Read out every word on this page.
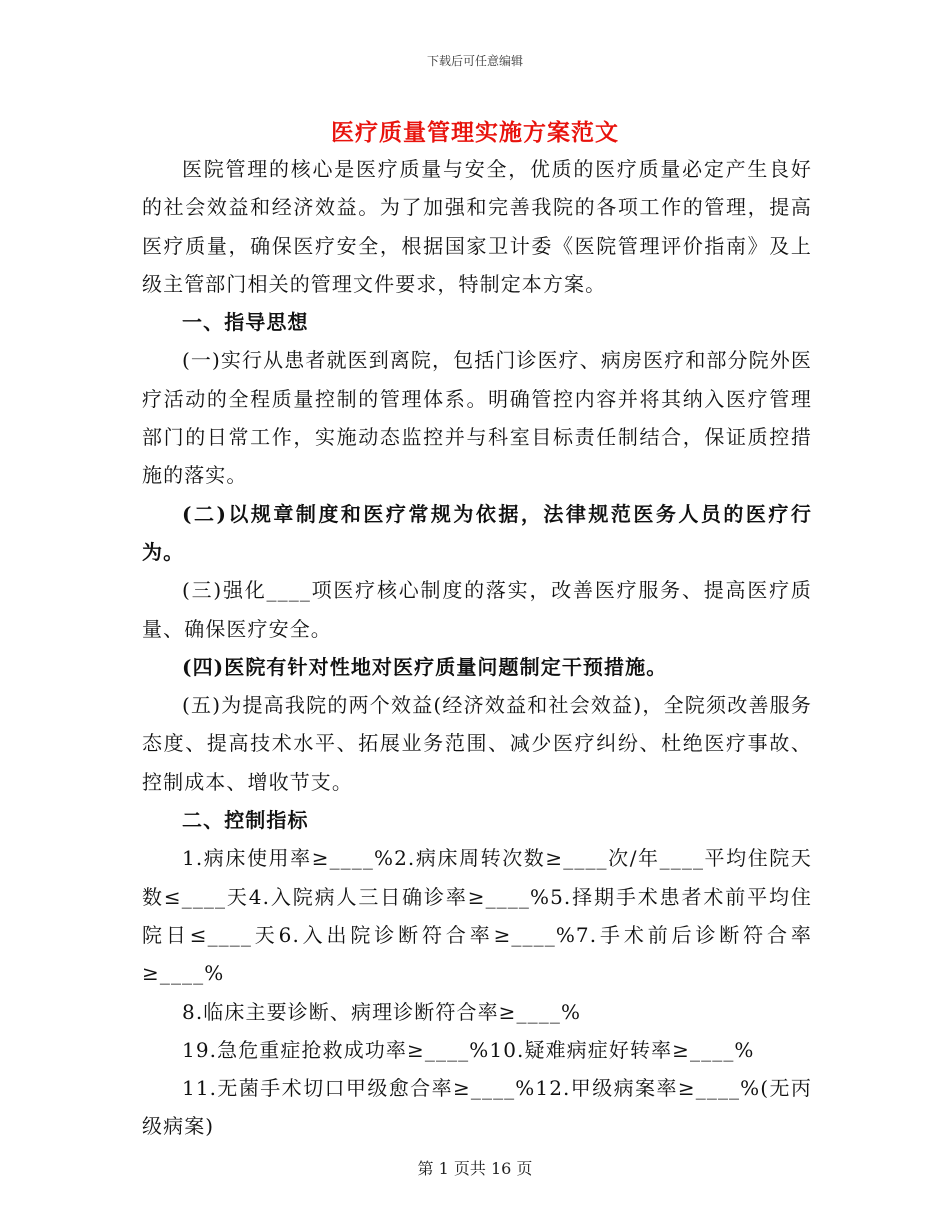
下载后可任意编辑
医疗质量管理实施方案范文

医院管理的核心是医疗质量与安全，优质的医疗质量必定产生良好的社会效益和经济效益。为了加强和完善我院的各项工作的管理，提高医疗质量，确保医疗安全，根据国家卫计委《医院管理评价指南》及上级主管部门相关的管理文件要求，特制定本方案。

一、指导思想

(一)实行从患者就医到离院，包括门诊医疗、病房医疗和部分院外医疗活动的全程质量控制的管理体系。明确管控内容并将其纳入医疗管理部门的日常工作，实施动态监控并与科室目标责任制结合，保证质控措施的落实。

(二)以规章制度和医疗常规为依据，法律规范医务人员的医疗行为。

(三)强化____项医疗核心制度的落实，改善医疗服务、提高医疗质量、确保医疗安全。

(四)医院有针对性地对医疗质量问题制定干预措施。

(五)为提高我院的两个效益(经济效益和社会效益)，全院须改善服务态度、提高技术水平、拓展业务范围、减少医疗纠纷、杜绝医疗事故、控制成本、增收节支。

二、控制指标

1.病床使用率≥____%2.病床周转次数≥____次/年____平均住院天数≤____天4.入院病人三日确诊率≥____%5.择期手术患者术前平均住院日≤____天6.入出院诊断符合率≥____%7.手术前后诊断符合率≥____%

8.临床主要诊断、病理诊断符合率≥____%

19.急危重症抢救成功率≥____%10.疑难病症好转率≥____%

11.无菌手术切口甲级愈合率≥____%12.甲级病案率≥____%(无丙级病案)

第 1 页共 16 页
